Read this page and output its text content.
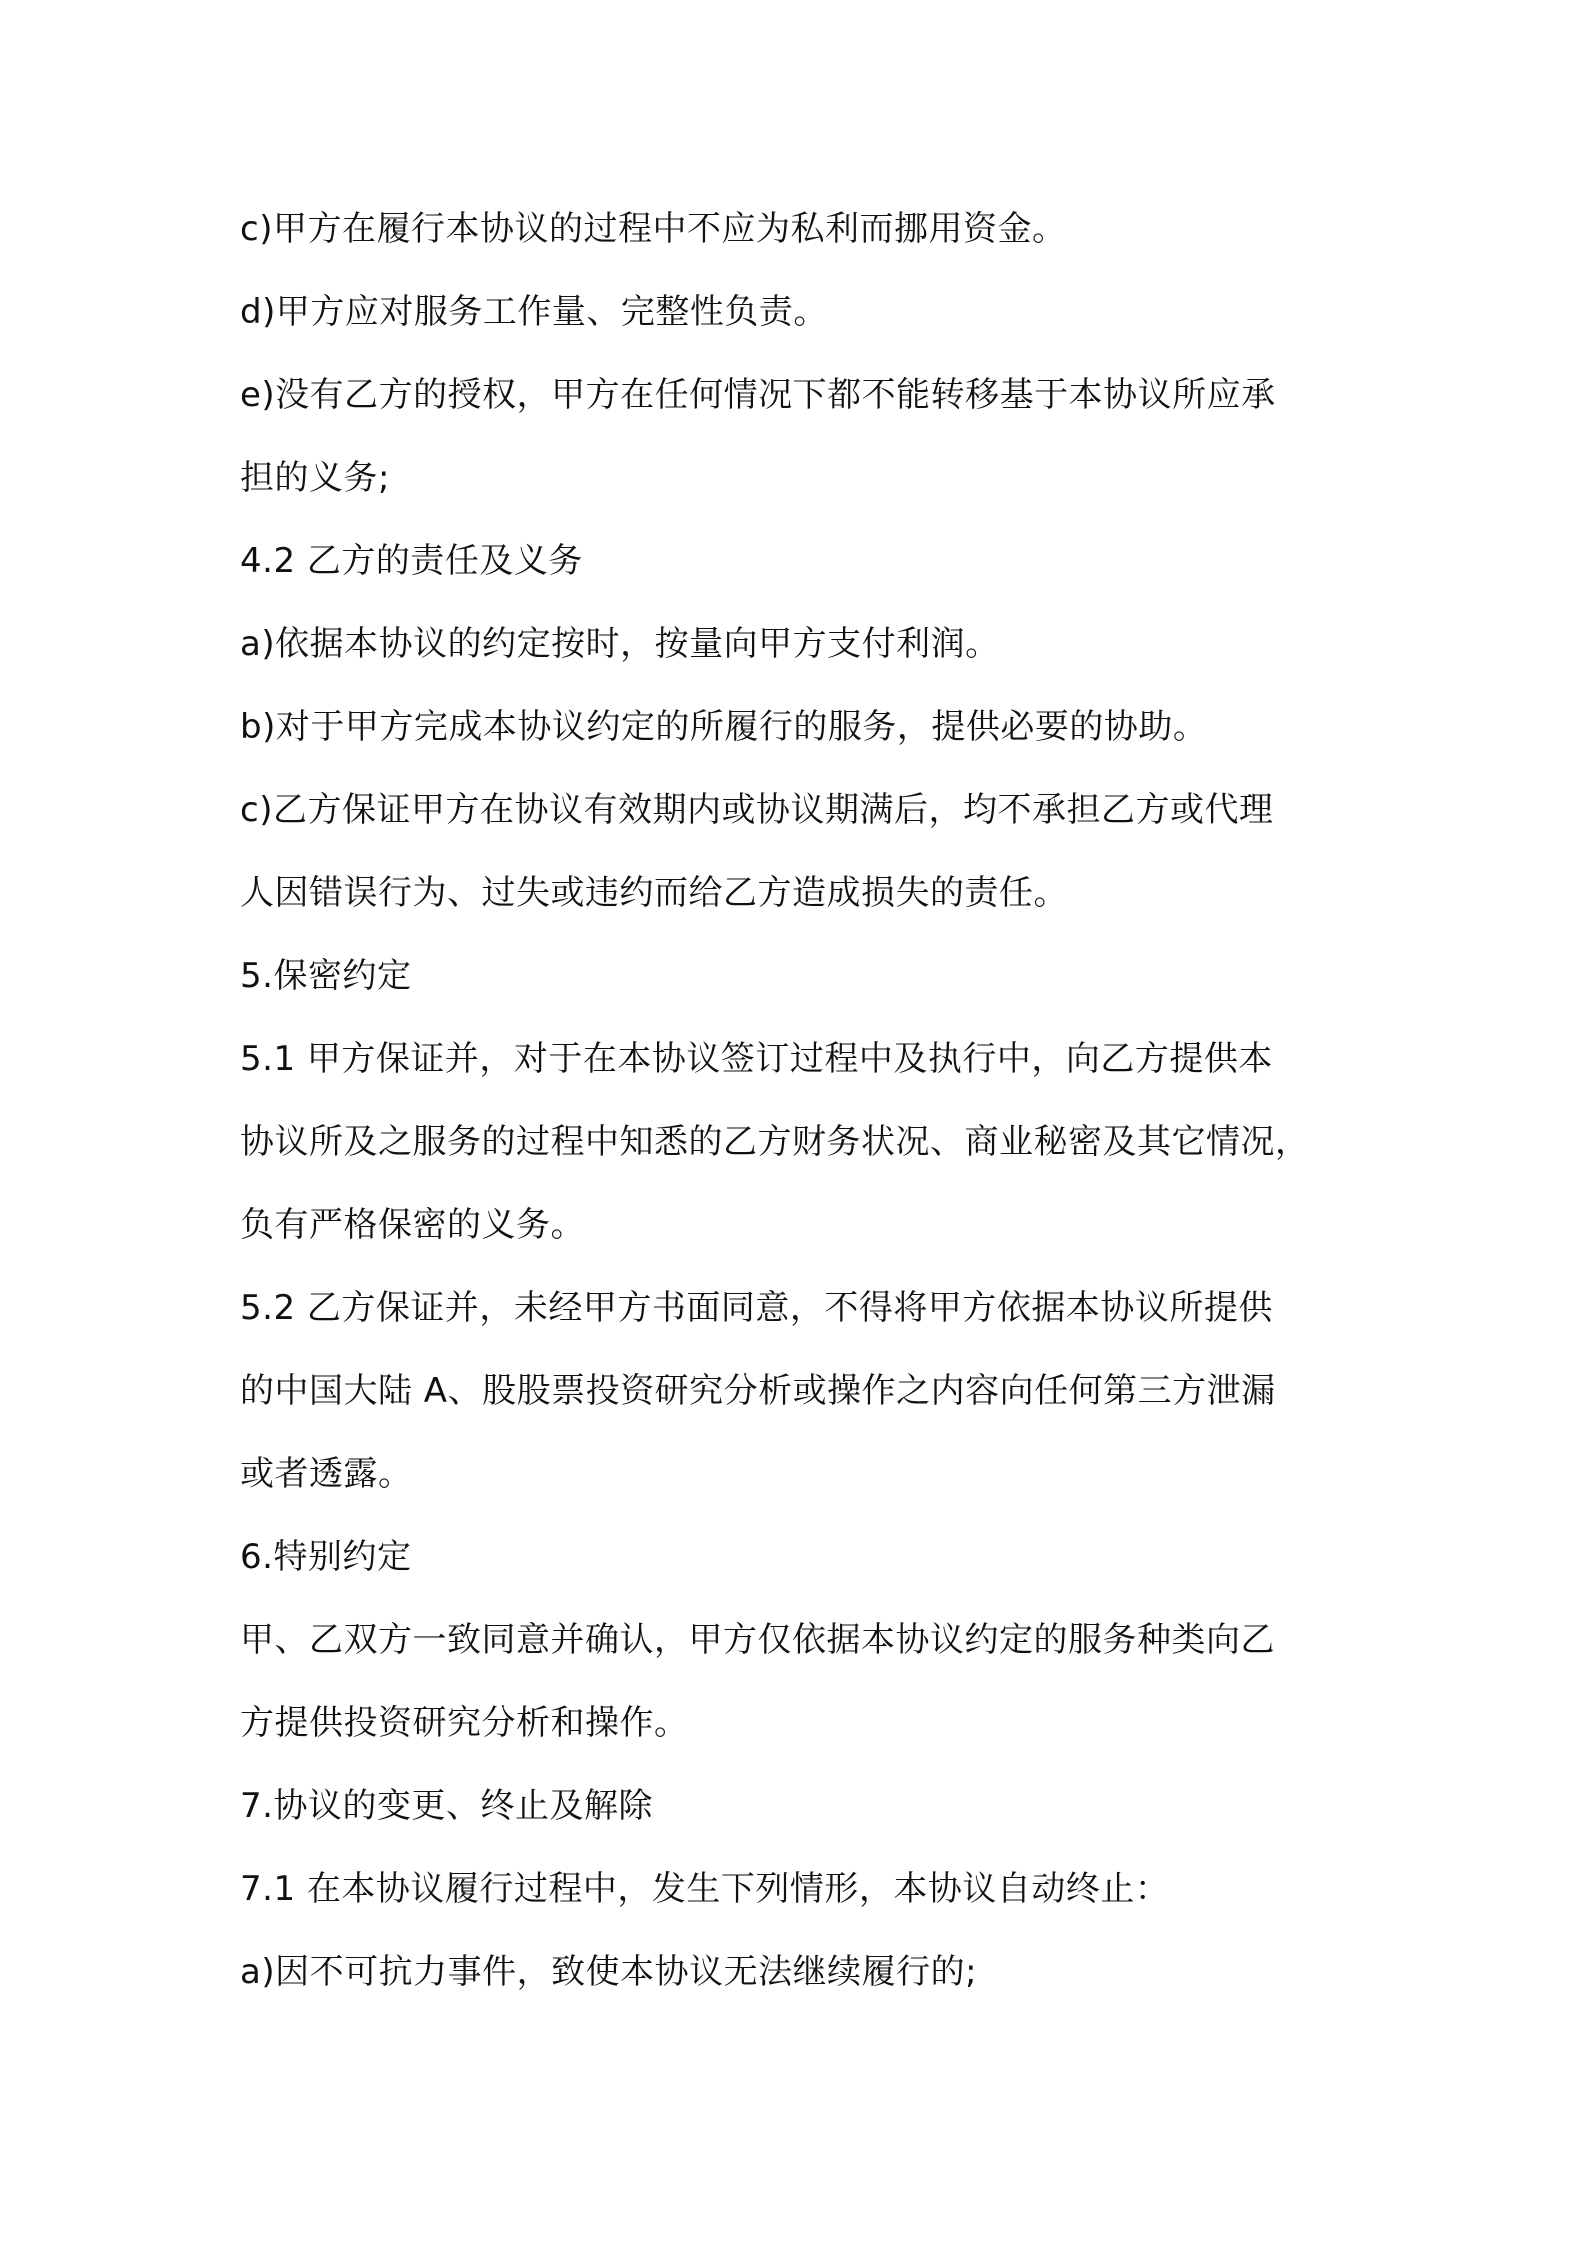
c)甲方在履行本协议的过程中不应为私利而挪用资金。
d)甲方应对服务工作量、完整性负责。
e)没有乙方的授权，甲方在任何情况下都不能转移基于本协议所应承
担的义务;
4.2 乙方的责任及义务
a)依据本协议的约定按时，按量向甲方支付利润。
b)对于甲方完成本协议约定的所履行的服务，提供必要的协助。
c)乙方保证甲方在协议有效期内或协议期满后，均不承担乙方或代理
人因错误行为、过失或违约而给乙方造成损失的责任。
5.保密约定
5.1 甲方保证并，对于在本协议签订过程中及执行中，向乙方提供本
协议所及之服务的过程中知悉的乙方财务状况、商业秘密及其它情况，
负有严格保密的义务。
5.2 乙方保证并，未经甲方书面同意，不得将甲方依据本协议所提供
的中国大陆 A、股股票投资研究分析或操作之内容向任何第三方泄漏
或者透露。
6.特别约定
甲、乙双方一致同意并确认，甲方仅依据本协议约定的服务种类向乙
方提供投资研究分析和操作。
7.协议的变更、终止及解除
7.1 在本协议履行过程中，发生下列情形，本协议自动终止：
a)因不可抗力事件，致使本协议无法继续履行的;
